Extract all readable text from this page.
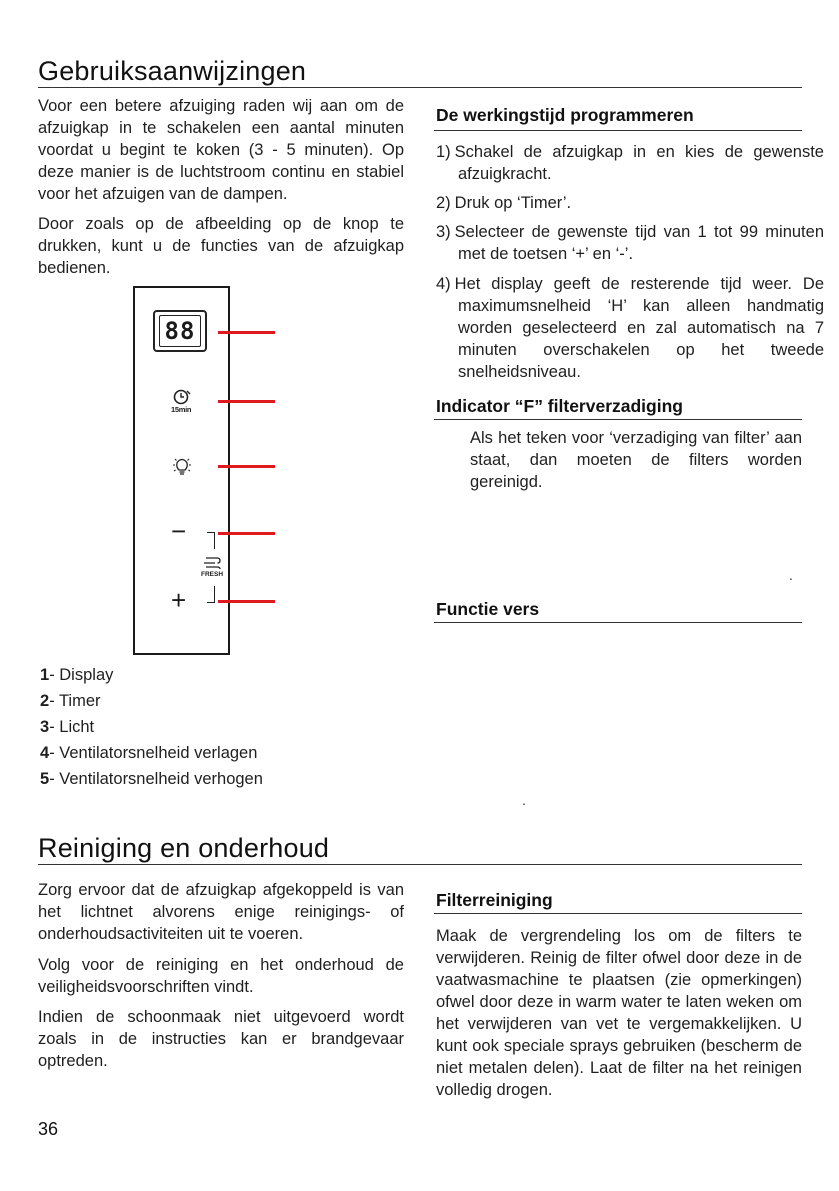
Gebruiksaanwijzingen
Voor een betere afzuiging raden wij aan om de afzuigkap in te schakelen een aantal minuten voordat u begint te koken (3 - 5 minuten). Op deze manier is de luchtstroom continu en stabiel voor het afzuigen van de dampen.
Door zoals op de afbeelding op de knop te drukken, kunt u de functies van de afzuigkap bedienen.
88
15min
−
FRESH
+
1- Display
2- Timer
3- Licht
4- Ventilatorsnelheid verlagen
5- Ventilatorsnelheid verhogen
De werkingstijd programmeren
1) Schakel de afzuigkap in en kies de gewenste afzuigkracht.
2) Druk op ‘Timer’.
3) Selecteer de gewenste tijd van 1 tot 99 minuten met de toetsen ‘+’ en ‘-’.
4) Het display geeft de resterende tijd weer. De maximumsnelheid ‘H’ kan alleen handmatig worden geselecteerd en zal automatisch na 7 minuten overschakelen op het tweede snelheidsniveau.
Indicator “F” filterverzadiging
Als het teken voor ‘verzadiging van filter’ aan staat, dan moeten de filters worden gereinigd.
.
Functie vers
.
Reiniging en onderhoud
Zorg ervoor dat de afzuigkap afgekoppeld is van het lichtnet alvorens enige reinigings- of onderhoudsactiviteiten uit te voeren.
Volg voor de reiniging en het onderhoud de veiligheidsvoorschriften vindt.
Indien de schoonmaak niet uitgevoerd wordt zoals in de instructies kan er brandgevaar optreden.
Filterreiniging
Maak de vergrendeling los om de filters te verwijderen. Reinig de filter ofwel door deze in de vaatwasmachine te plaatsen (zie opmerkingen) ofwel door deze in warm water te laten weken om het verwijderen van vet te vergemakkelijken. U kunt ook speciale sprays gebruiken (bescherm de niet metalen delen). Laat de filter na het reinigen volledig drogen.
36
